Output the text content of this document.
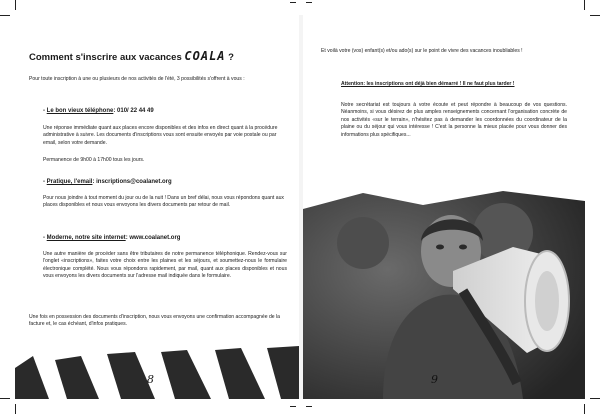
Comment s'inscrire aux vacances COALA ?

Pour toute inscription à une ou plusieurs de nos activités de l'été, 3 possibilités s'offrent à vous :

- Le bon vieux téléphone: 010/ 22 44 49

Une réponse immédiate quant aux places encore disponibles et des infos en direct quant à la procédure administrative à suivre. Les documents d'inscriptions vous sont ensuite envoyés par voie postale ou par email, selon votre demande.

Permanence de 9h00 à 17h00 tous les jours.

- Pratique, l'email: inscriptions@coalanet.org

Pour nous joindre à tout moment du jour ou de la nuit ! Dans un bref délai, nous vous répondons quant aux places disponibles et nous vous envoyons les divers documents par retour de mail.

- Moderne, notre site internet: www.coalanet.org

Une autre manière de procéder sans être tributaires de notre permanence téléphonique. Rendez-vous sur l'onglet «inscriptions», faites votre choix entre les plaines et les séjours, et soumettez-nous le formulaire électronique complété. Nous vous répondons rapidement, par mail, quant aux places disponibles et nous vous envoyons les divers documents sur l'adresse mail indiquée dans le formulaire.

Une fois en possession des documents d'inscription, nous vous envoyons une confirmation accompagnée de la facture et, le cas échéant, d'infos pratiques.

8

Et voilà votre (vos) enfant(s) et/ou ado(s) sur le point de vivre des vacances inoubliables !

Attention: les inscriptions ont déjà bien démarré ! Il ne faut plus tarder !

Notre secrétariat est toujours à votre écoute et peut répondre à beaucoup de vos questions. Néanmoins, si vous désirez de plus amples renseignements concernant l'organisation concrète de nos activités «sur le terrain», n'hésitez pas à demander les coordonnées du coordinateur de la plaine ou du séjour qui vous intéresse ! C'est la personne la mieux placée pour vous donner des informations plus spécifiques...

9
